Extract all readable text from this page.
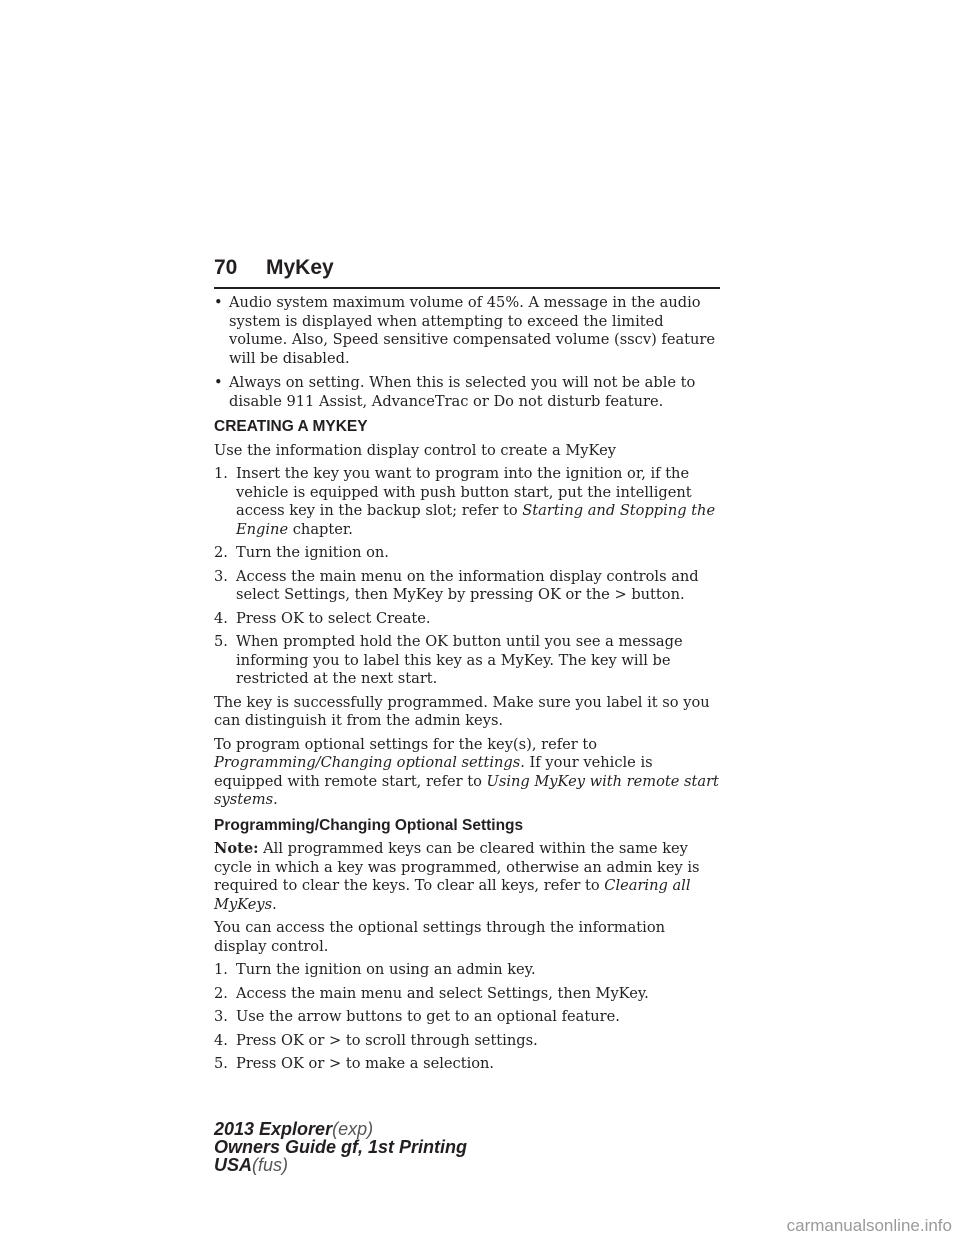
70 MyKey
• Audio system maximum volume of 45%. A message in the audio system is displayed when attempting to exceed the limited volume. Also, Speed sensitive compensated volume (sscv) feature will be disabled.
• Always on setting. When this is selected you will not be able to disable 911 Assist, AdvanceTrac or Do not disturb feature.
CREATING A MYKEY

Use the information display control to create a MyKey

1. Insert the key you want to program into the ignition or, if the vehicle is equipped with push button start, put the intelligent access key in the backup slot; refer to Starting and Stopping the Engine chapter.
2. Turn the ignition on.
3. Access the main menu on the information display controls and select Settings, then MyKey by pressing OK or the > button.
4. Press OK to select Create.
5. When prompted hold the OK button until you see a message informing you to label this key as a MyKey. The key will be restricted at the next start.

The key is successfully programmed. Make sure you label it so you can distinguish it from the admin keys.

To program optional settings for the key(s), refer to Programming/Changing optional settings. If your vehicle is equipped with remote start, refer to Using MyKey with remote start systems.

Programming/Changing Optional Settings

Note: All programmed keys can be cleared within the same key cycle in which a key was programmed, otherwise an admin key is required to clear the keys. To clear all keys, refer to Clearing all MyKeys.

You can access the optional settings through the information display control.

1. Turn the ignition on using an admin key.
2. Access the main menu and select Settings, then MyKey.
3. Use the arrow buttons to get to an optional feature.
4. Press OK or > to scroll through settings.
5. Press OK or > to make a selection.
2013 Explorer(exp)
Owners Guide gf, 1st Printing
USA(fus)
carmanualsonline.info
